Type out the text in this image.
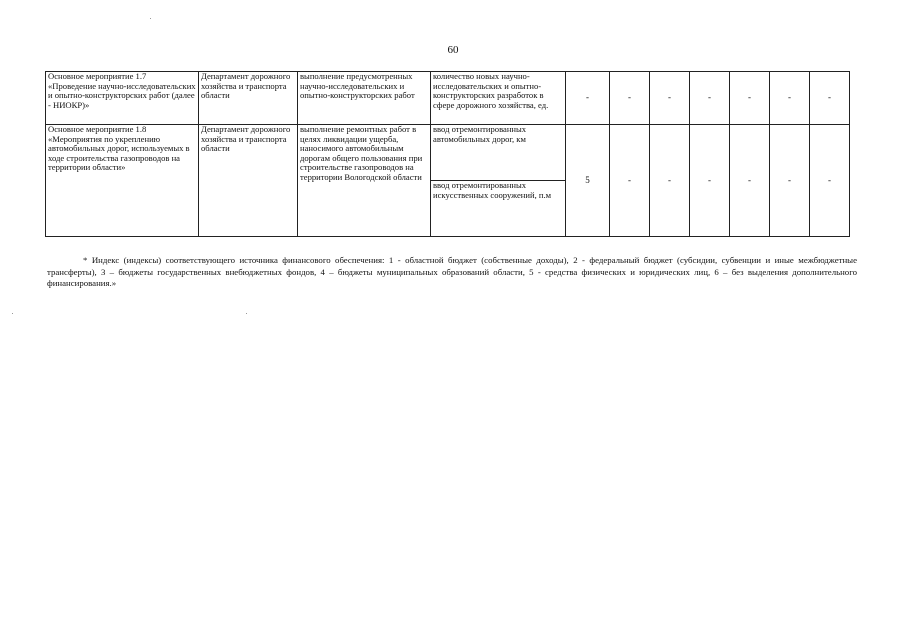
60
Основное мероприятие 1.7 «Проведение научно-исследовательских и опытно-конструкторских работ (далее - НИОКР)»	Департамент дорожного хозяйства и транспорта области	выполнение предусмотренных научно-исследовательских и опытно-конструкторских работ	количество новых научно-исследовательских и опытно-конструкторских разработок в сфере дорожного хозяйства, ед.	-	-	-	-	-	-	-
Основное мероприятие 1.8 «Мероприятия по укреплению автомобильных дорог, используемых в ходе строительства газопроводов на территории области»	Департамент дорожного хозяйства и транспорта области	выполнение ремонтных работ в целях ликвидации ущерба, наносимого автомобильным дорогам общего пользования при строительстве газопроводов на территории Вологодской области	ввод отремонтированных автомобильных дорог, км	5	-	-	-	-	-	-
			ввод отремонтированных искусственных сооружений, п.м							
* Индекс (индексы) соответствующего источника финансового обеспечения: 1 - областной бюджет (собственные доходы), 2 - федеральный бюджет (субсидии, субвенции и иные межбюджетные трансферты), 3 – бюджеты государственных внебюджетных фондов, 4 – бюджеты муниципальных образований области, 5 - средства физических и юридических лиц, 6 – без выделения дополнительного финансирования.»
